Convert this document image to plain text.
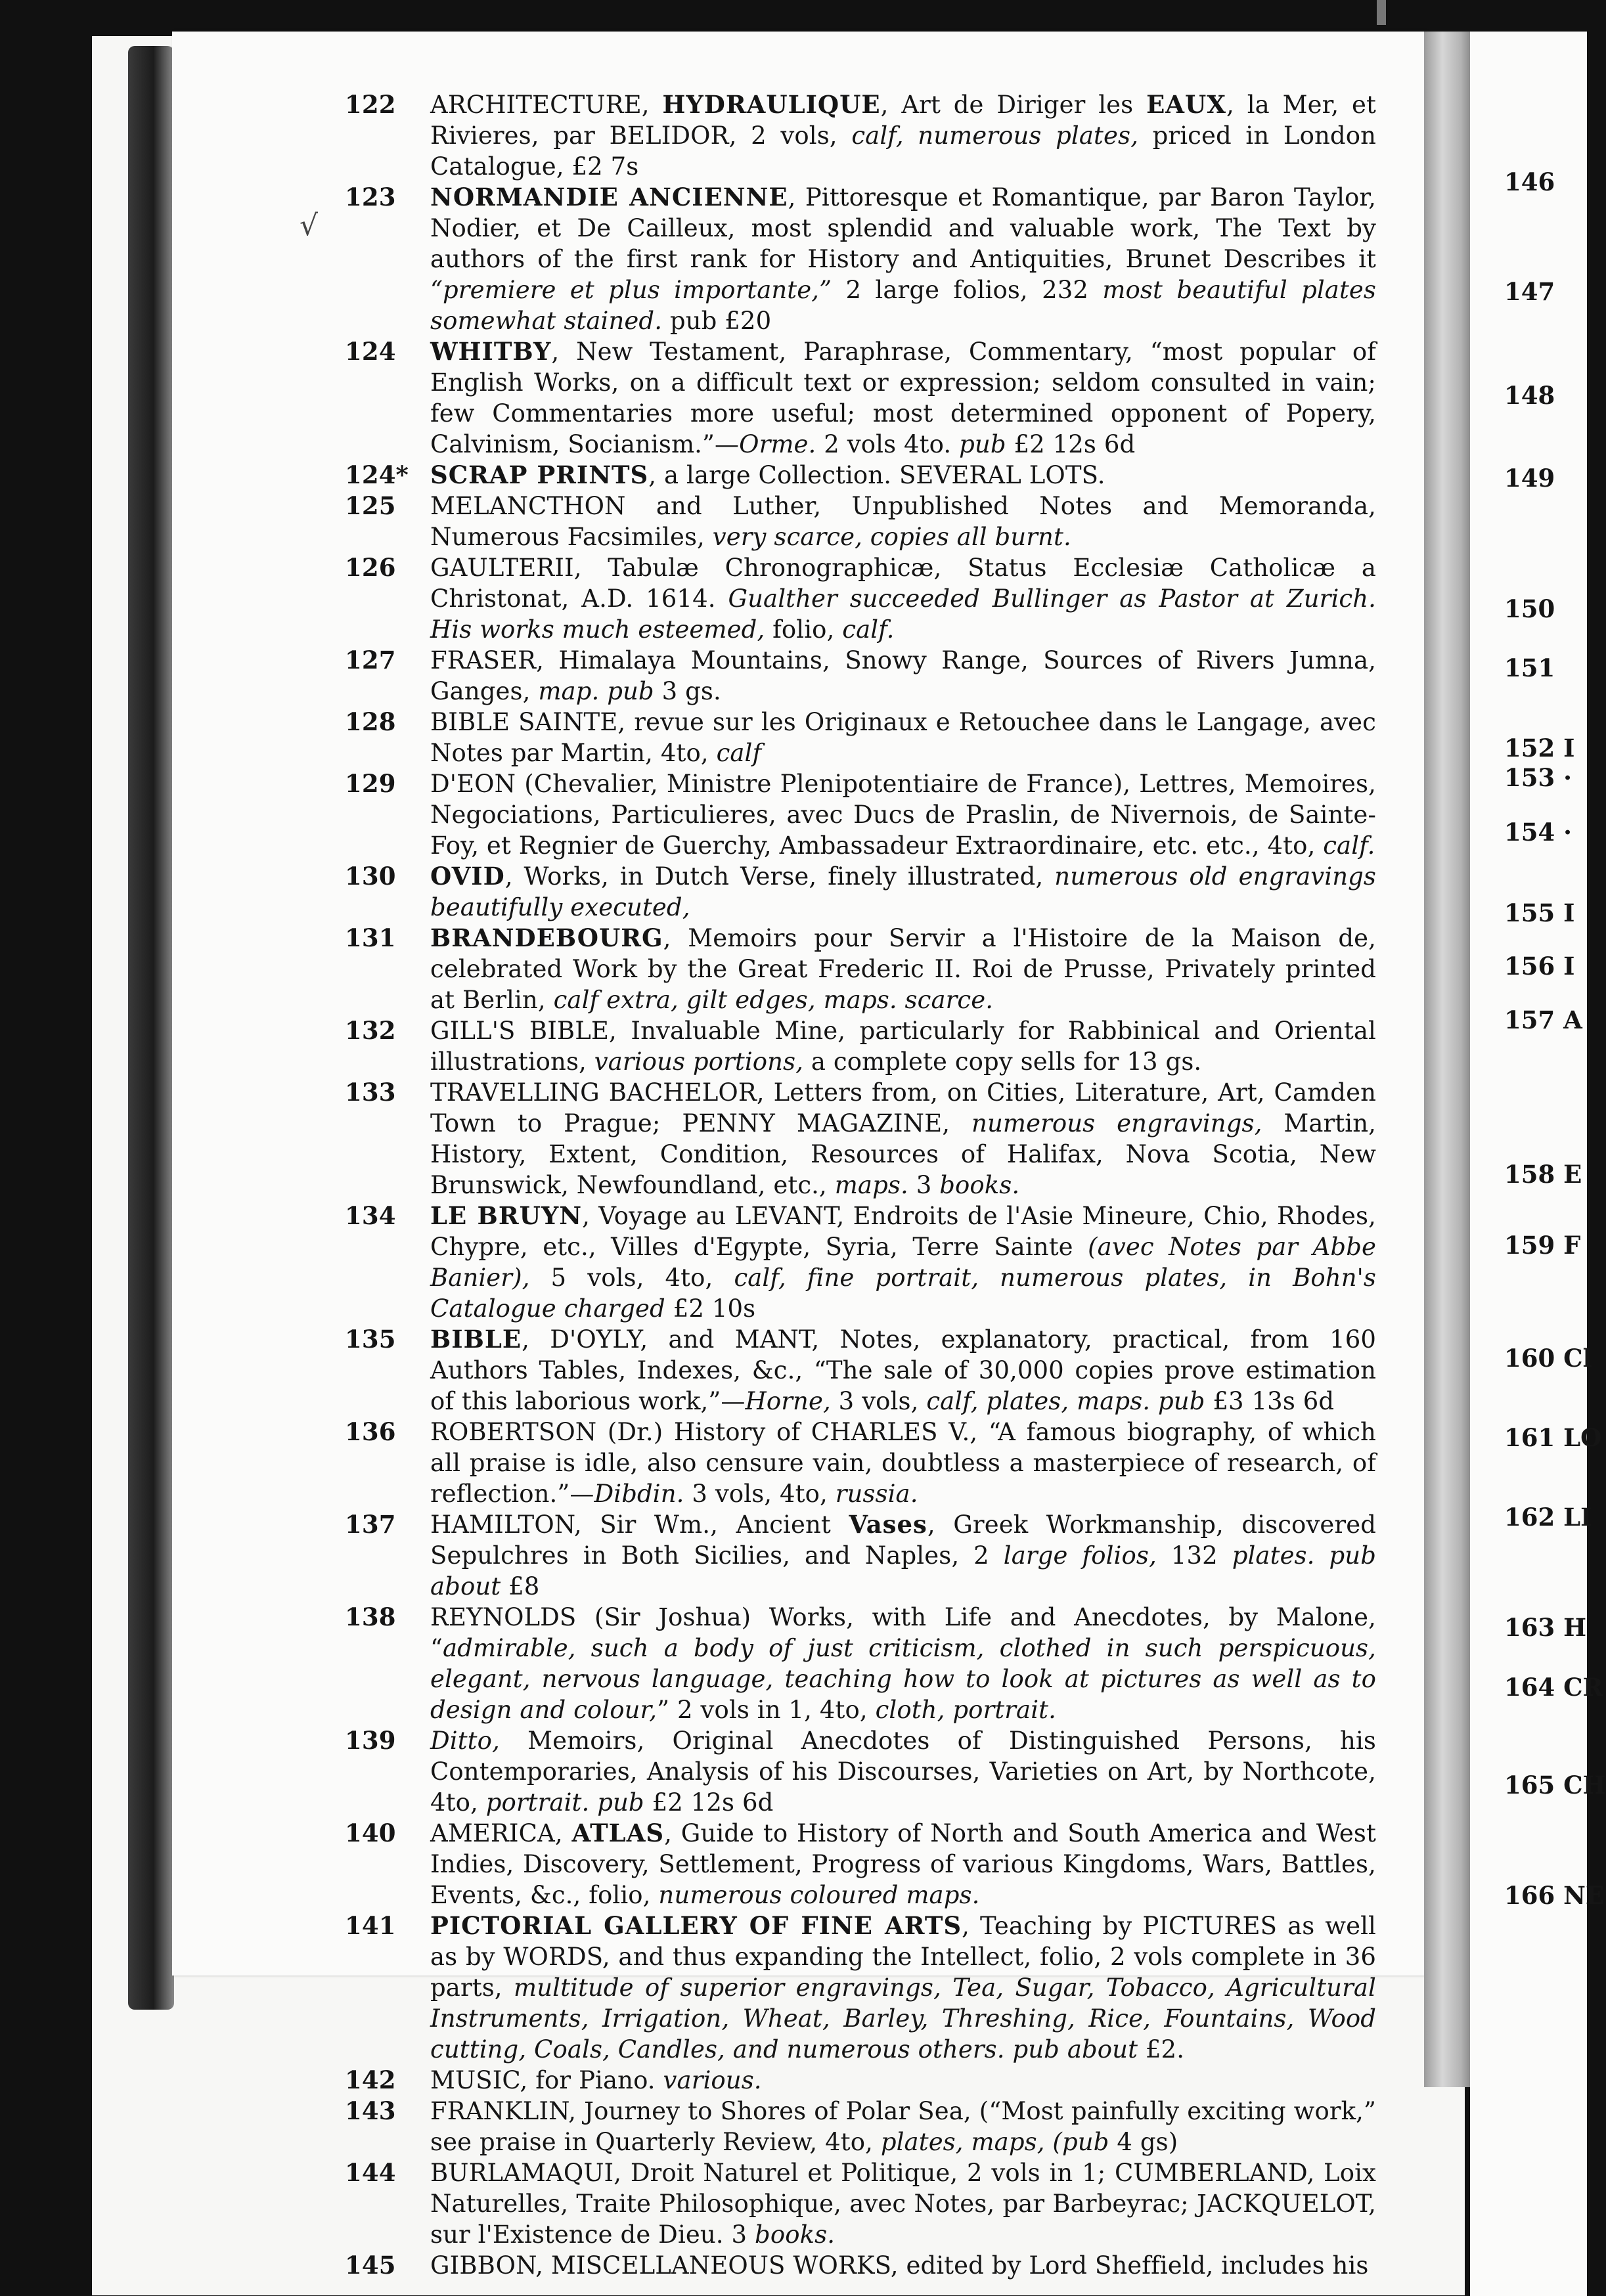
√

122	ARCHITECTURE, HYDRAULIQUE, Art de Diriger les EAUX, la Mer, et Rivieres, par BELIDOR, 2 vols, calf, numerous plates, priced in London Catalogue, £2 7s

123	NORMANDIE ANCIENNE, Pittoresque et Romantique, par Baron Taylor, Nodier, et De Cailleux, most splendid and valuable work, The Text by authors of the first rank for History and Antiquities, Brunet Describes it “premiere et plus importante,” 2 large folios, 232 most beautiful plates somewhat stained. pub £20

124	WHITBY, New Testament, Paraphrase, Commentary, “most popular of English Works, on a difficult text or expression; seldom consulted in vain; few Commentaries more useful; most determined opponent of Popery, Calvinism, Socianism.”—Orme. 2 vols 4to. pub £2 12s 6d

124* SCRAP PRINTS, a large Collection. SEVERAL LOTS.

125	MELANCTHON and Luther, Unpublished Notes and Memoranda, Numerous Facsimiles, very scarce, copies all burnt.

126	GAULTERII, Tabulæ Chronographicæ, Status Ecclesiæ Catholicæ a Christonat, A.D. 1614. Gualther succeeded Bullinger as Pastor at Zurich. His works much esteemed, folio, calf.

127	FRASER, Himalaya Mountains, Snowy Range, Sources of Rivers Jumna, Ganges, map. pub 3 gs.

128	BIBLE SAINTE, revue sur les Originaux e Retouchee dans le Langage, avec Notes par Martin, 4to, calf

129	D'EON (Chevalier, Ministre Plenipotentiaire de France), Lettres, Memoires, Negociations, Particulieres, avec Ducs de Praslin, de Nivernois, de Sainte-Foy, et Regnier de Guerchy, Ambassadeur Extraordinaire, etc. etc., 4to, calf.

130	OVID, Works, in Dutch Verse, finely illustrated, numerous old engravings beautifully executed,

131	BRANDEBOURG, Memoirs pour Servir a l'Histoire de la Maison de, celebrated Work by the Great Frederic II. Roi de Prusse, Privately printed at Berlin, calf extra, gilt edges, maps. scarce.

132	GILL'S BIBLE, Invaluable Mine, particularly for Rabbinical and Oriental illustrations, various portions, a complete copy sells for 13 gs.

133	TRAVELLING BACHELOR, Letters from, on Cities, Literature, Art, Camden Town to Prague; PENNY MAGAZINE, numerous engravings, Martin, History, Extent, Condition, Resources of Halifax, Nova Scotia, New Brunswick, Newfoundland, etc., maps. 3 books.

134	LE BRUYN, Voyage au LEVANT, Endroits de l'Asie Mineure, Chio, Rhodes, Chypre, etc., Villes d'Egypte, Syria, Terre Sainte (avec Notes par Abbe Banier), 5 vols, 4to, calf, fine portrait, numerous plates, in Bohn's Catalogue charged £2 10s

135	BIBLE, D'OYLY, and MANT, Notes, explanatory, practical, from 160 Authors Tables, Indexes, &c., “The sale of 30,000 copies prove estimation of this laborious work,”—Horne, 3 vols, calf, plates, maps. pub £3 13s 6d

136	ROBERTSON (Dr.) History of CHARLES V., “A famous biography, of which all praise is idle, also censure vain, doubtless a masterpiece of research, of reflection.”—Dibdin. 3 vols, 4to, russia.

137	HAMILTON, Sir Wm., Ancient Vases, Greek Workmanship, discovered Sepulchres in Both Sicilies, and Naples, 2 large folios, 132 plates. pub about £8

138	REYNOLDS (Sir Joshua) Works, with Life and Anecdotes, by Malone, “admirable, such a body of just criticism, clothed in such perspicuous, elegant, nervous language, teaching how to look at pictures as well as to design and colour,” 2 vols in 1, 4to, cloth, portrait.

139	Ditto, Memoirs, Original Anecdotes of Distinguished Persons, his Contemporaries, Analysis of his Discourses, Varieties on Art, by Northcote, 4to, portrait. pub £2 12s 6d

140	AMERICA, ATLAS, Guide to History of North and South America and West Indies, Discovery, Settlement, Progress of various Kingdoms, Wars, Battles, Events, &c., folio, numerous coloured maps.

141	PICTORIAL GALLERY OF FINE ARTS, Teaching by PICTURES as well as by WORDS, and thus expanding the Intellect, folio, 2 vols complete in 36 parts, multitude of superior engravings, Tea, Sugar, Tobacco, Agricultural Instruments, Irrigation, Wheat, Barley, Threshing, Rice, Fountains, Wood cutting, Coals, Candles, and numerous others. pub about £2.

142	MUSIC, for Piano. various.

143	FRANKLIN, Journey to Shores of Polar Sea, (“Most painfully exciting work,” see praise in Quarterly Review, 4to, plates, maps, (pub 4 gs)

144	BURLAMAQUI, Droit Naturel et Politique, 2 vols in 1; CUMBERLAND, Loix Naturelles, Traite Philosophique, avec Notes, par Barbeyrac; JACKQUELOT, sur l'Existence de Dieu. 3 books.

145	GIBBON, MISCELLANEOUS WORKS, edited by Lord Sheffield, includes his

146
147
148
149
150
151
152 I
153 ·
154 ·
155 I
156 I
157 A
158 E
159 F
160 Cl
161 LO
162 LI
163 H
164 CR
165 CH
166 NE
